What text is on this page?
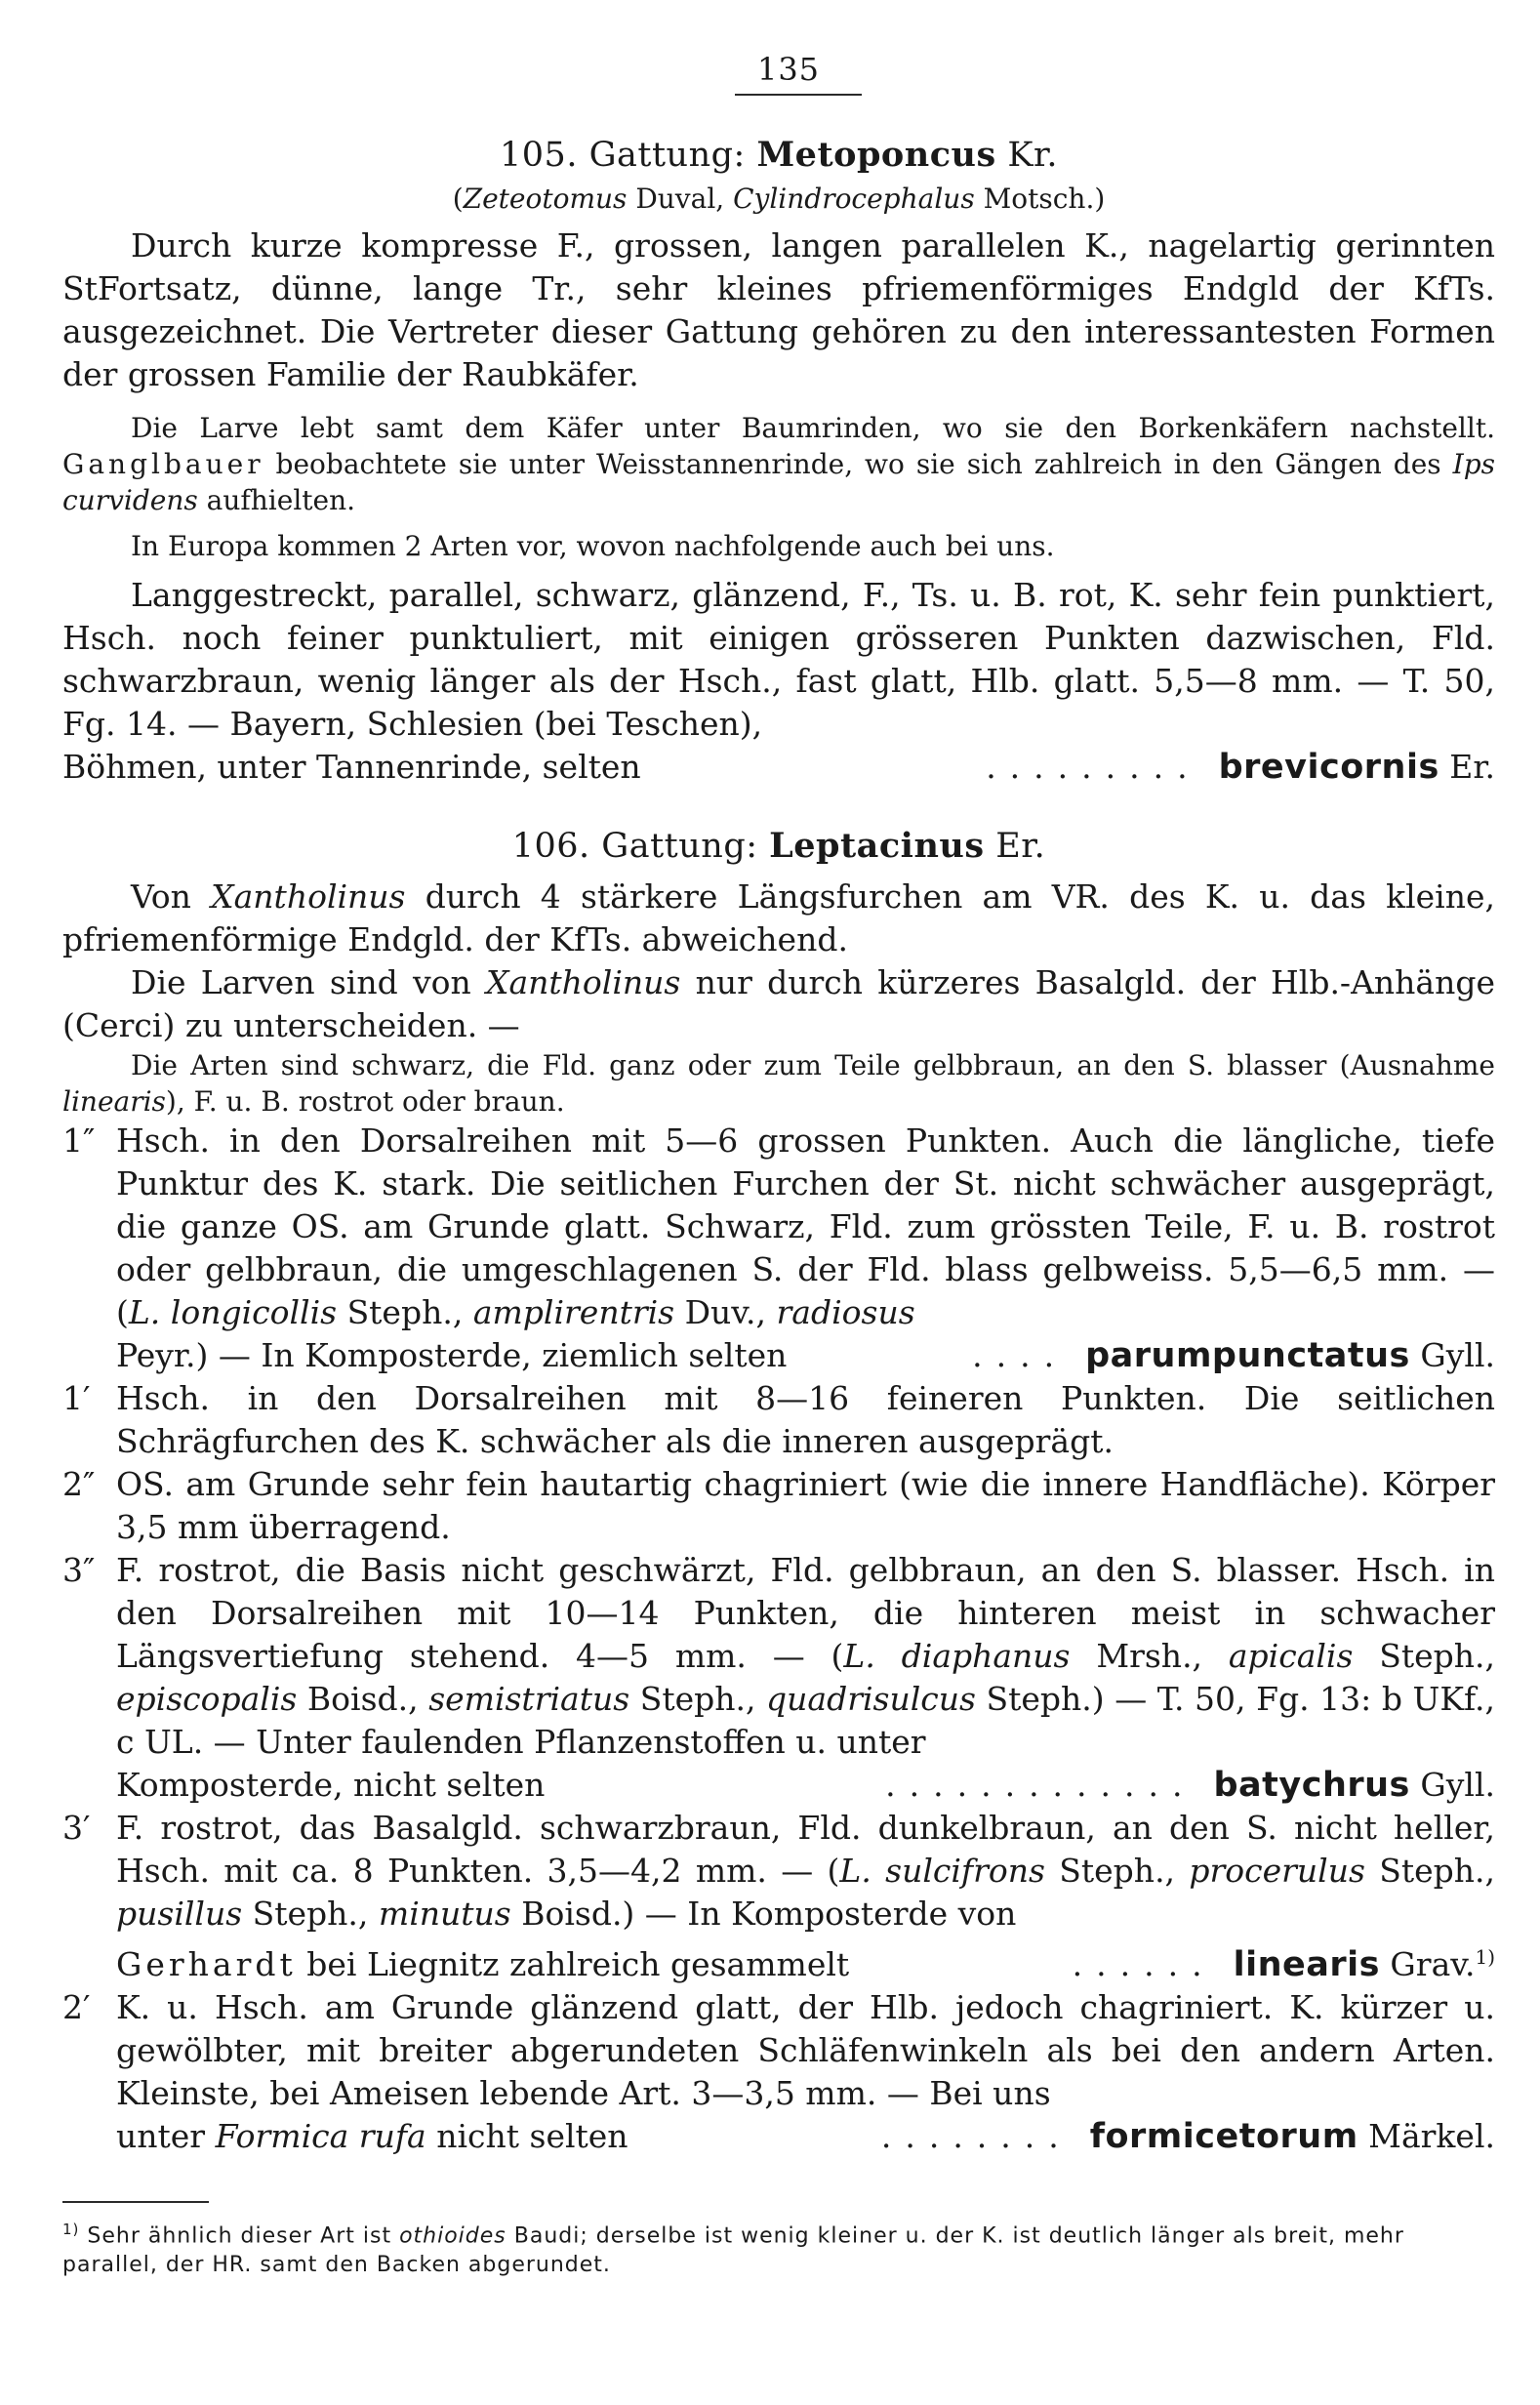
135
105. Gattung: Metoponcus Kr.
(Zeteotomus Duval, Cylindrocephalus Motsch.)

Durch kurze kompresse F., grossen, langen parallelen K., nagelartig gerinnten StFortsatz, dünne, lange Tr., sehr kleines pfriemenförmiges Endgld der KfTs. ausgezeichnet. Die Vertreter dieser Gattung gehören zu den interessantesten Formen der grossen Familie der Raubkäfer.

Die Larve lebt samt dem Käfer unter Baumrinden, wo sie den Borkenkäfern nachstellt. Ganglbauer beobachtete sie unter Weisstannenrinde, wo sie sich zahlreich in den Gängen des Ips curvidens aufhielten.

In Europa kommen 2 Arten vor, wovon nachfolgende auch bei uns.

Langgestreckt, parallel, schwarz, glänzend, F., Ts. u. B. rot, K. sehr fein punktiert, Hsch. noch feiner punktuliert, mit einigen grösseren Punkten dazwischen, Fld. schwarzbraun, wenig länger als der Hsch., fast glatt, Hlb. glatt. 5,5—8 mm. — T. 50, Fg. 14. — Bayern, Schlesien (bei Teschen),

Böhmen, unter Tannenrinde, selten	......... brevicornis Er.
106. Gattung: Leptacinus Er.

Von Xantholinus durch 4 stärkere Längsfurchen am VR. des K. u. das kleine, pfriemenförmige Endgld. der KfTs. abweichend.

Die Larven sind von Xantholinus nur durch kürzeres Basalgld. der Hlb.-Anhänge (Cerci) zu unterscheiden. —

Die Arten sind schwarz, die Fld. ganz oder zum Teile gelbbraun, an den S. blasser (Ausnahme linearis), F. u. B. rostrot oder braun.

1″ Hsch. in den Dorsalreihen mit 5—6 grossen Punkten. Auch die längliche, tiefe Punktur des K. stark. Die seitlichen Furchen der St. nicht schwächer ausgeprägt, die ganze OS. am Grunde glatt. Schwarz, Fld. zum grössten Teile, F. u. B. rostrot oder gelbbraun, die umgeschlagenen S. der Fld. blass gelbweiss. 5,5—6,5 mm. — (L. longicollis Steph., amplirentris Duv., radiosus
Peyr.) — In Komposterde, ziemlich selten	.... parumpunctatus Gyll.
1′ Hsch. in den Dorsalreihen mit 8—16 feineren Punkten. Die seitlichen Schrägfurchen des K. schwächer als die inneren ausgeprägt.
2″ OS. am Grunde sehr fein hautartig chagriniert (wie die innere Handfläche). Körper 3,5 mm überragend.
3″ F. rostrot, die Basis nicht geschwärzt, Fld. gelbbraun, an den S. blasser. Hsch. in den Dorsalreihen mit 10—14 Punkten, die hinteren meist in schwacher Längsvertiefung stehend. 4—5 mm. — (L. diaphanus Mrsh., apicalis Steph., episcopalis Boisd., semistriatus Steph., quadrisulcus Steph.) — T. 50, Fg. 13: b UKf., c UL. — Unter faulenden Pflanzenstoffen u. unter
Komposterde, nicht selten	............. batychrus Gyll.
3′ F. rostrot, das Basalgld. schwarzbraun, Fld. dunkelbraun, an den S. nicht heller, Hsch. mit ca. 8 Punkten. 3,5—4,2 mm. — (L. sulcifrons Steph., procerulus Steph., pusillus Steph., minutus Boisd.) — In Komposterde von
Gerhardt bei Liegnitz zahlreich gesammelt	...... linearis Grav.$^{1)}$
2′ K. u. Hsch. am Grunde glänzend glatt, der Hlb. jedoch chagriniert. K. kürzer u. gewölbter, mit breiter abgerundeten Schläfenwinkeln als bei den andern Arten. Kleinste, bei Ameisen lebende Art. 3—3,5 mm. — Bei uns
unter Formica rufa nicht selten	........ formicetorum Märkel.

$^{1)}$ Sehr ähnlich dieser Art ist othioides Baudi; derselbe ist wenig kleiner u. der K. ist deutlich länger als breit, mehr parallel, der HR. samt den Backen abgerundet.
